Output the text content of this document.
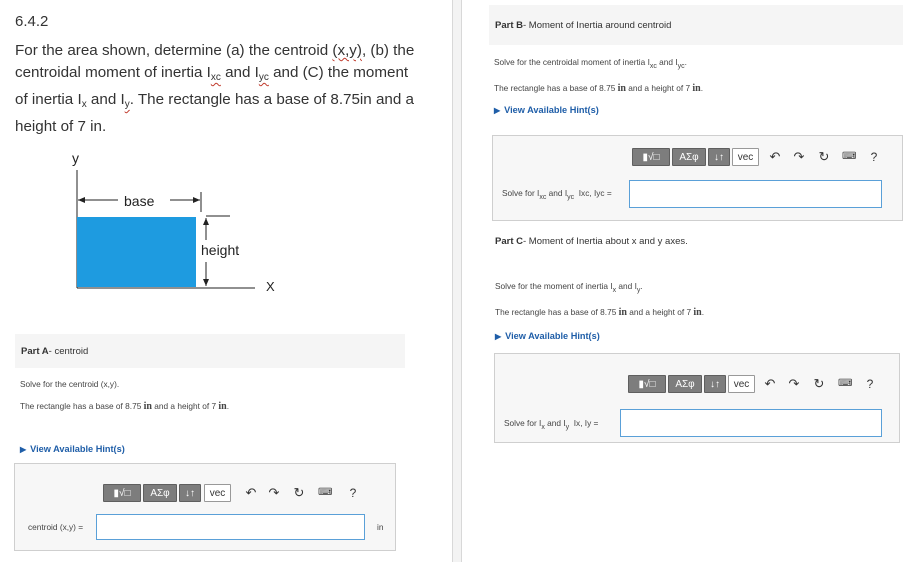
6.4.2
For the area shown, determine (a) the centroid (x,y), (b) the
centroidal moment of inertia $I_{xc}$ and $I_{yc}$ and (C) the moment
of inertia $I_x$ and $I_y$. The rectangle has a base of 8.75in and a
height of 7 in.
y
base
height
X
Part A - centroid
Solve for the centroid (x,y).
The rectangle has a base of 8.75 in and a height of 7 in.
▶ View Available Hint(s)
▮√□	ΑΣφ	↓↑	vec	↶ ↷ ↻ ⌨	?
centroid (x,y) =	in
Part B - Moment of Inertia around centroid
Solve for the centroidal moment of inertia $I_{xc}$ and $I_{yc}$.
The rectangle has a base of 8.75 in and a height of 7 in.
▶ View Available Hint(s)
▮√□	ΑΣφ	↓↑	vec	↶ ↷ ↻ ⌨	?
Solve for $I_{xc}$ and $I_{yc}$  Ixc, Iyc =
Part C - Moment of Inertia about x and y axes.
Solve for the moment of inertia $I_x$ and $I_y$.
The rectangle has a base of 8.75 in and a height of 7 in.
▶ View Available Hint(s)
▮√□	ΑΣφ	↓↑	vec	↶ ↷ ↻ ⌨	?
Solve for $I_x$ and $I_y$  Ix, Iy =
